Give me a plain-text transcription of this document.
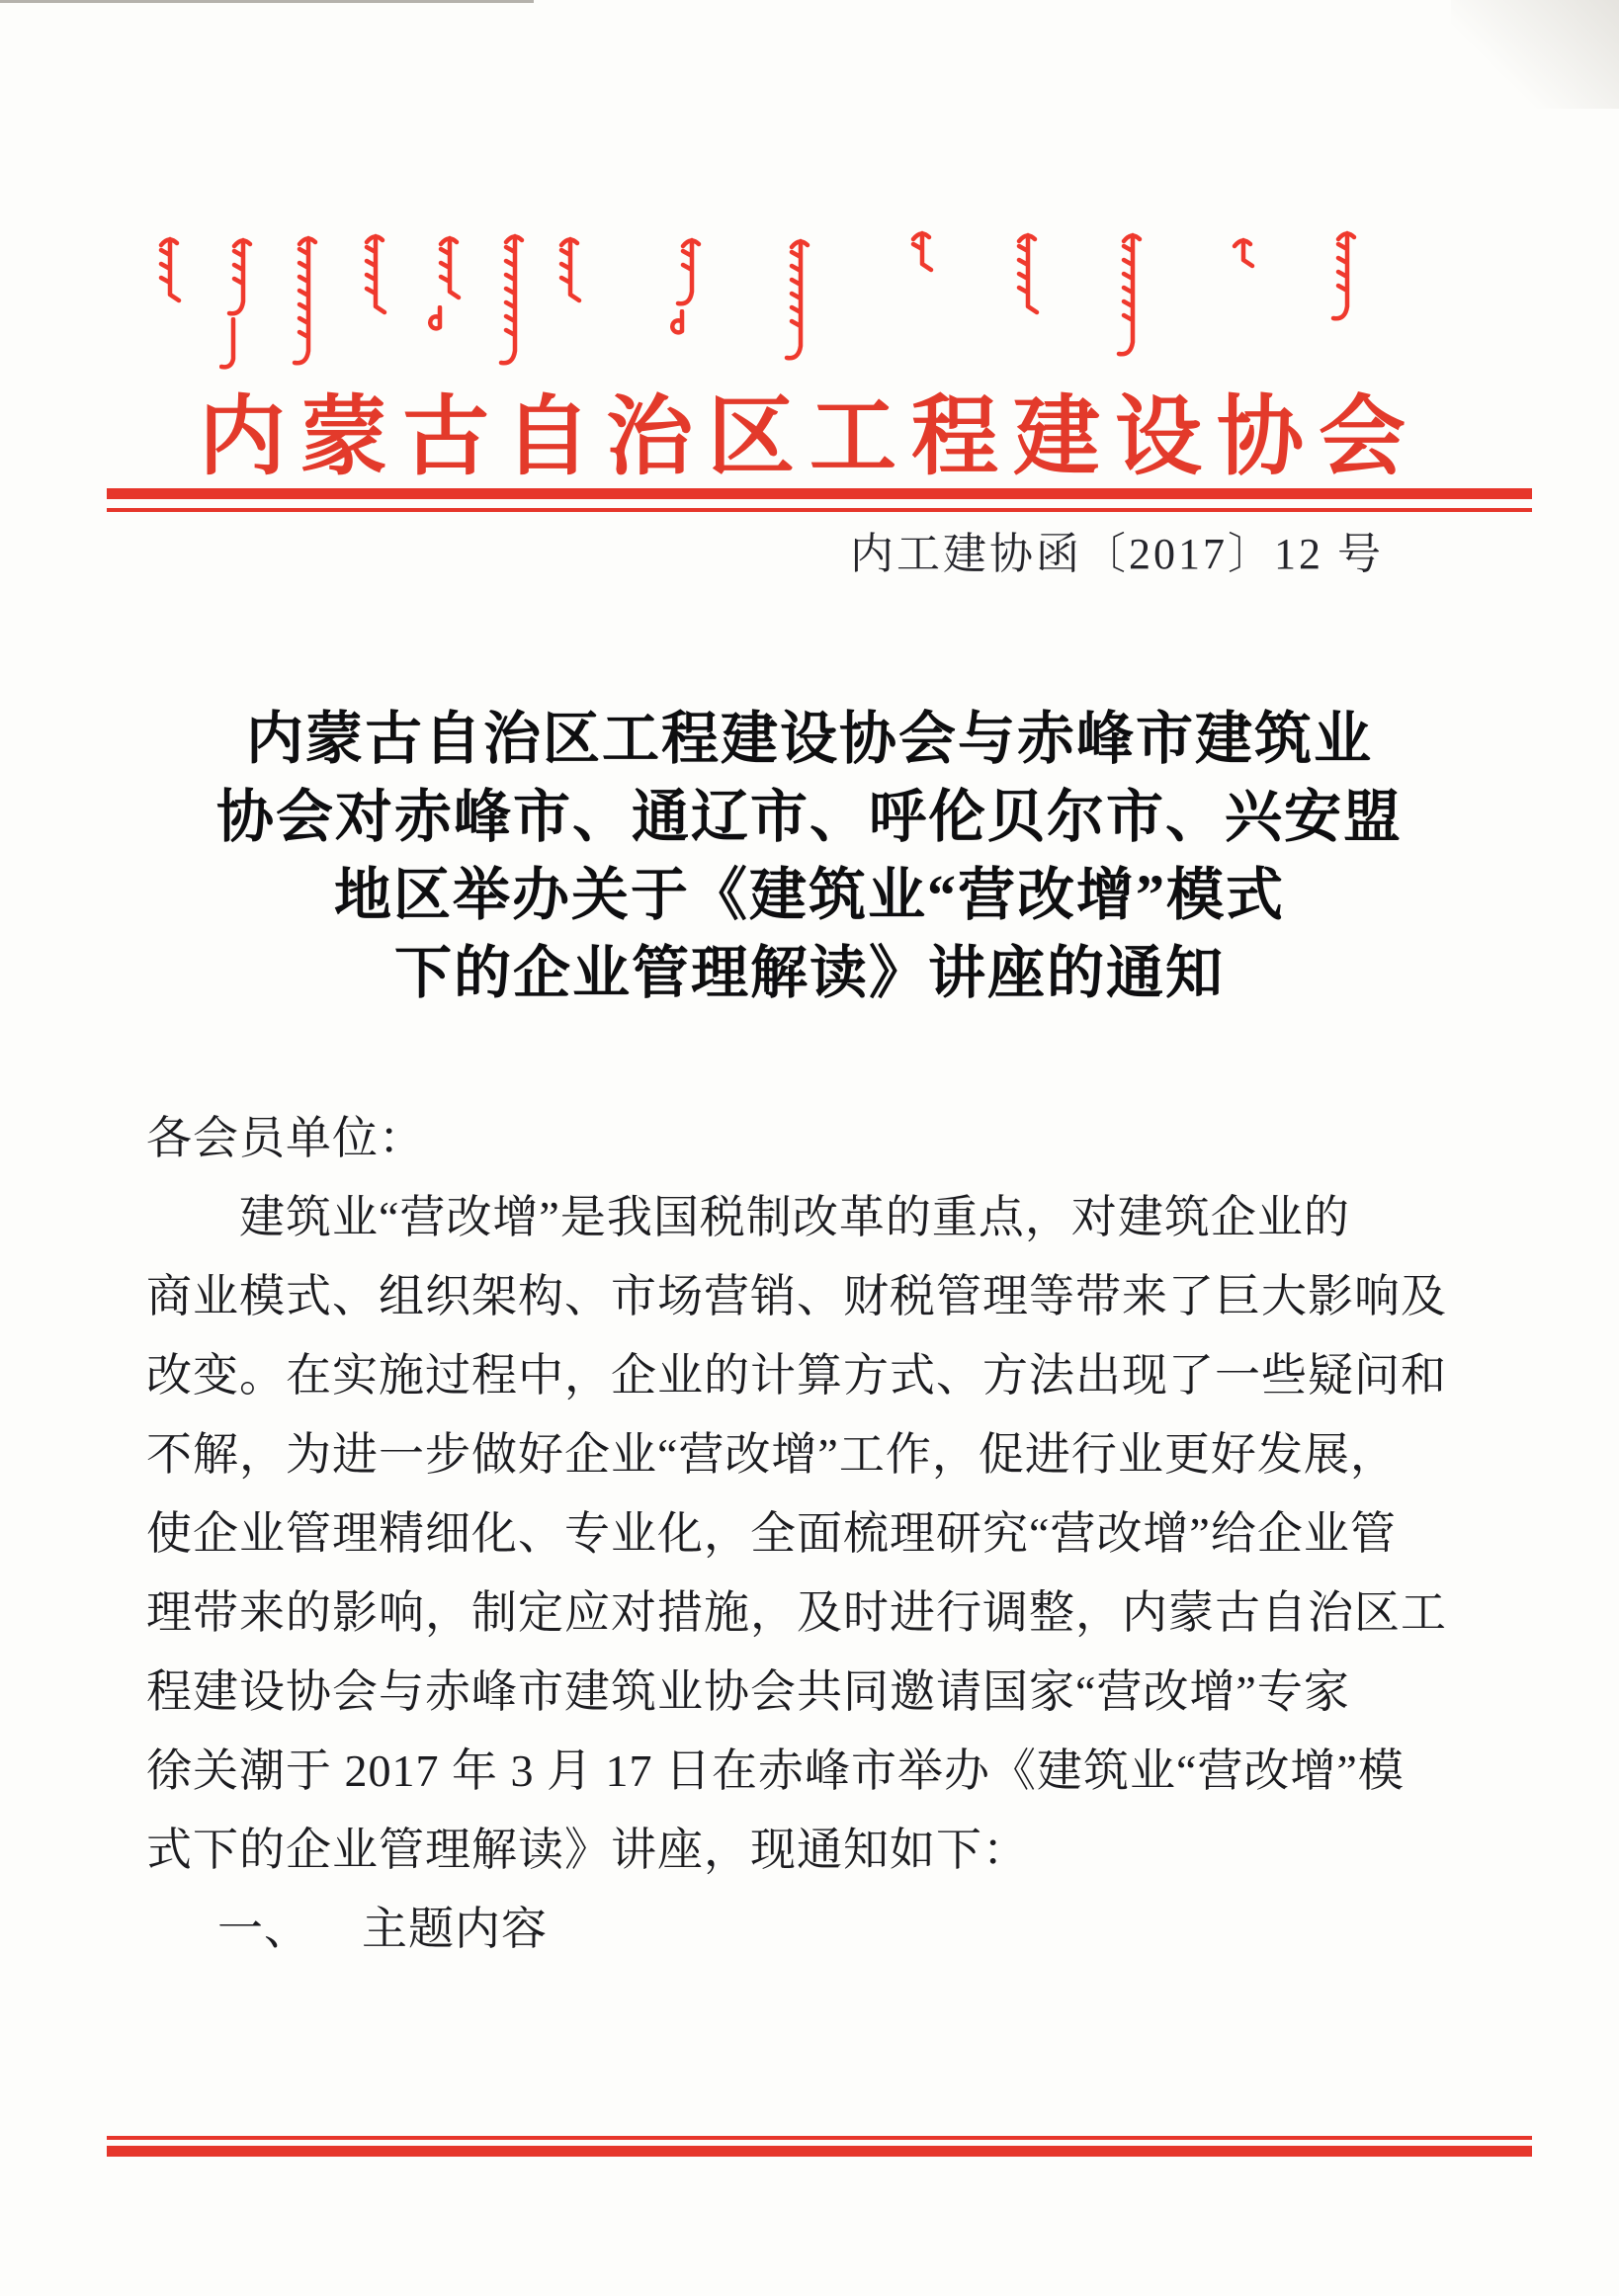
内蒙古自治区工程建设协会
内工建协函〔2017〕12 号
内蒙古自治区工程建设协会与赤峰市建筑业
协会对赤峰市、通辽市、呼伦贝尔市、兴安盟
地区举办关于《建筑业“营改增”模式
下的企业管理解读》讲座的通知
各会员单位：
建筑业“营改增”是我国税制改革的重点，对建筑企业的
商业模式、组织架构、市场营销、财税管理等带来了巨大影响及
改变。在实施过程中，企业的计算方式、方法出现了一些疑问和
不解，为进一步做好企业“营改增”工作，促进行业更好发展，
使企业管理精细化、专业化，全面梳理研究“营改增”给企业管
理带来的影响，制定应对措施，及时进行调整，内蒙古自治区工
程建设协会与赤峰市建筑业协会共同邀请国家“营改增”专家
徐关潮于 2017 年 3 月 17 日在赤峰市举办《建筑业“营改增”模
式下的企业管理解读》讲座，现通知如下：
一、 主题内容
